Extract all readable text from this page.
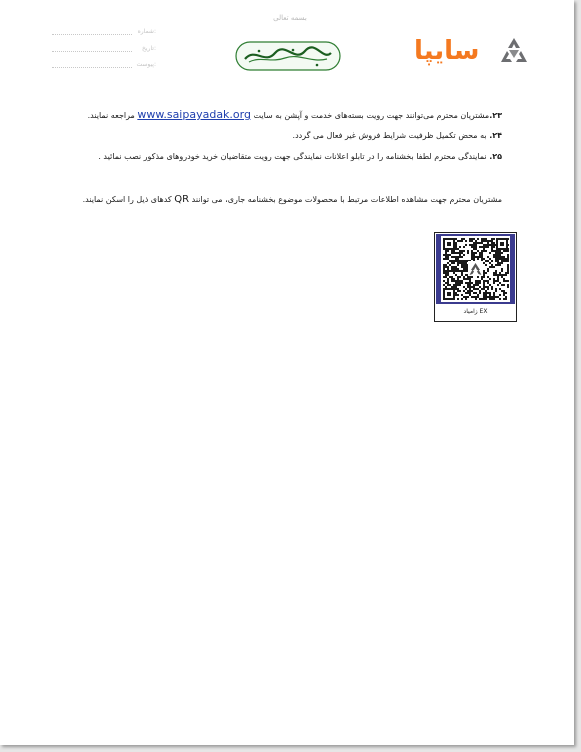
بسمه تعالی
شماره:
تاریخ:
پیوست:	سایپا
۲۳.مشتریان محترم می‌توانند جهت رویت بسته‌های خدمت و آپشن به سایت www.saipayadak.org مراجعه نمایند.
۲۴. به محض تکمیل ظرفیت شرایط فروش غیر فعال می گردد.
۲۵. نمایندگی محترم لطفا بخشنامه را در تابلو اعلانات نمایندگی جهت رویت متقاضیان خرید خودروهای مذکور نصب نمائید .
مشتریان محترم جهت مشاهده اطلاعات مرتبط با محصولات موضوع بخشنامه جاری، می توانند QR کدهای ذیل را اسکن نمایند.
زامیاد EX
